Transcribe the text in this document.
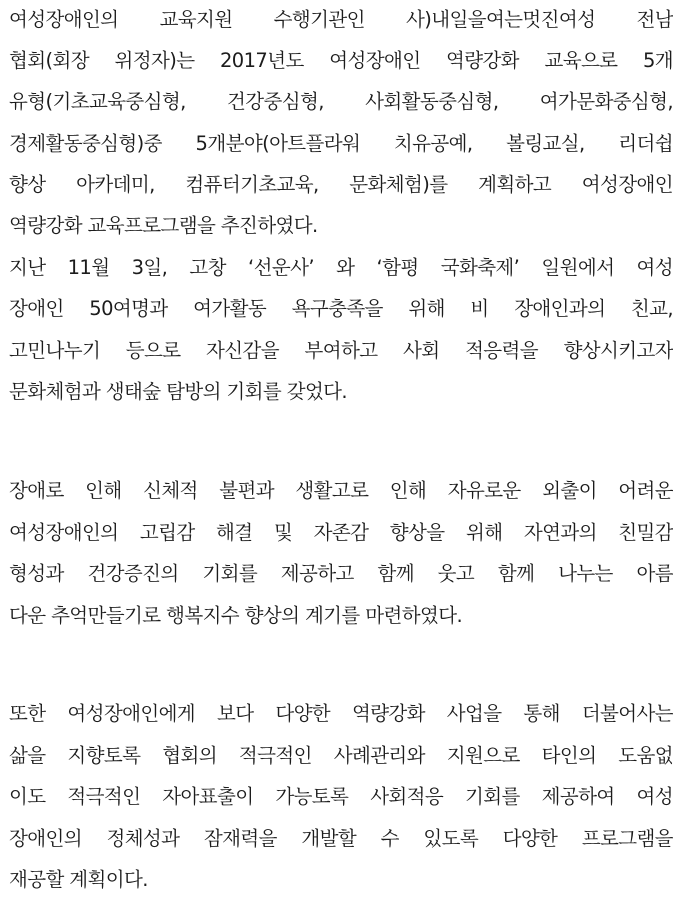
여성장애인의 교육지원 수행기관인 사)내일을여는멋진여성 전남
협회(회장 위정자)는 2017년도 여성장애인 역량강화 교육으로 5개
유형(기초교육중심형, 건강중심형, 사회활동중심형, 여가문화중심형,
경제활동중심형)중 5개분야(아트플라워 치유공예, 볼링교실, 리더쉽
향상 아카데미, 컴퓨터기초교육, 문화체험)를 계획하고 여성장애인
역량강화 교육프로그램을 추진하였다.
지난 11월 3일, 고창 ‘선운사’ 와 ‘함평 국화축제’ 일원에서 여성
장애인 50여명과 여가활동 욕구충족을 위해 비 장애인과의 친교,
고민나누기 등으로 자신감을 부여하고 사회 적응력을 향상시키고자
문화체험과 생태숲 탐방의 기회를 갖었다.
장애로 인해 신체적 불편과 생활고로 인해 자유로운 외출이 어려운
여성장애인의 고립감 해결 및 자존감 향상을 위해 자연과의 친밀감
형성과 건강증진의 기회를 제공하고 함께 웃고 함께 나누는 아름
다운 추억만들기로 행복지수 향상의 계기를 마련하였다.
또한 여성장애인에게 보다 다양한 역량강화 사업을 통해 더불어사는
삶을 지향토록 협회의 적극적인 사례관리와 지원으로 타인의 도움없
이도 적극적인 자아표출이 가능토록 사회적응 기회를 제공하여 여성
장애인의 정체성과 잠재력을 개발할 수 있도록 다양한 프로그램을
재공할 계획이다.
